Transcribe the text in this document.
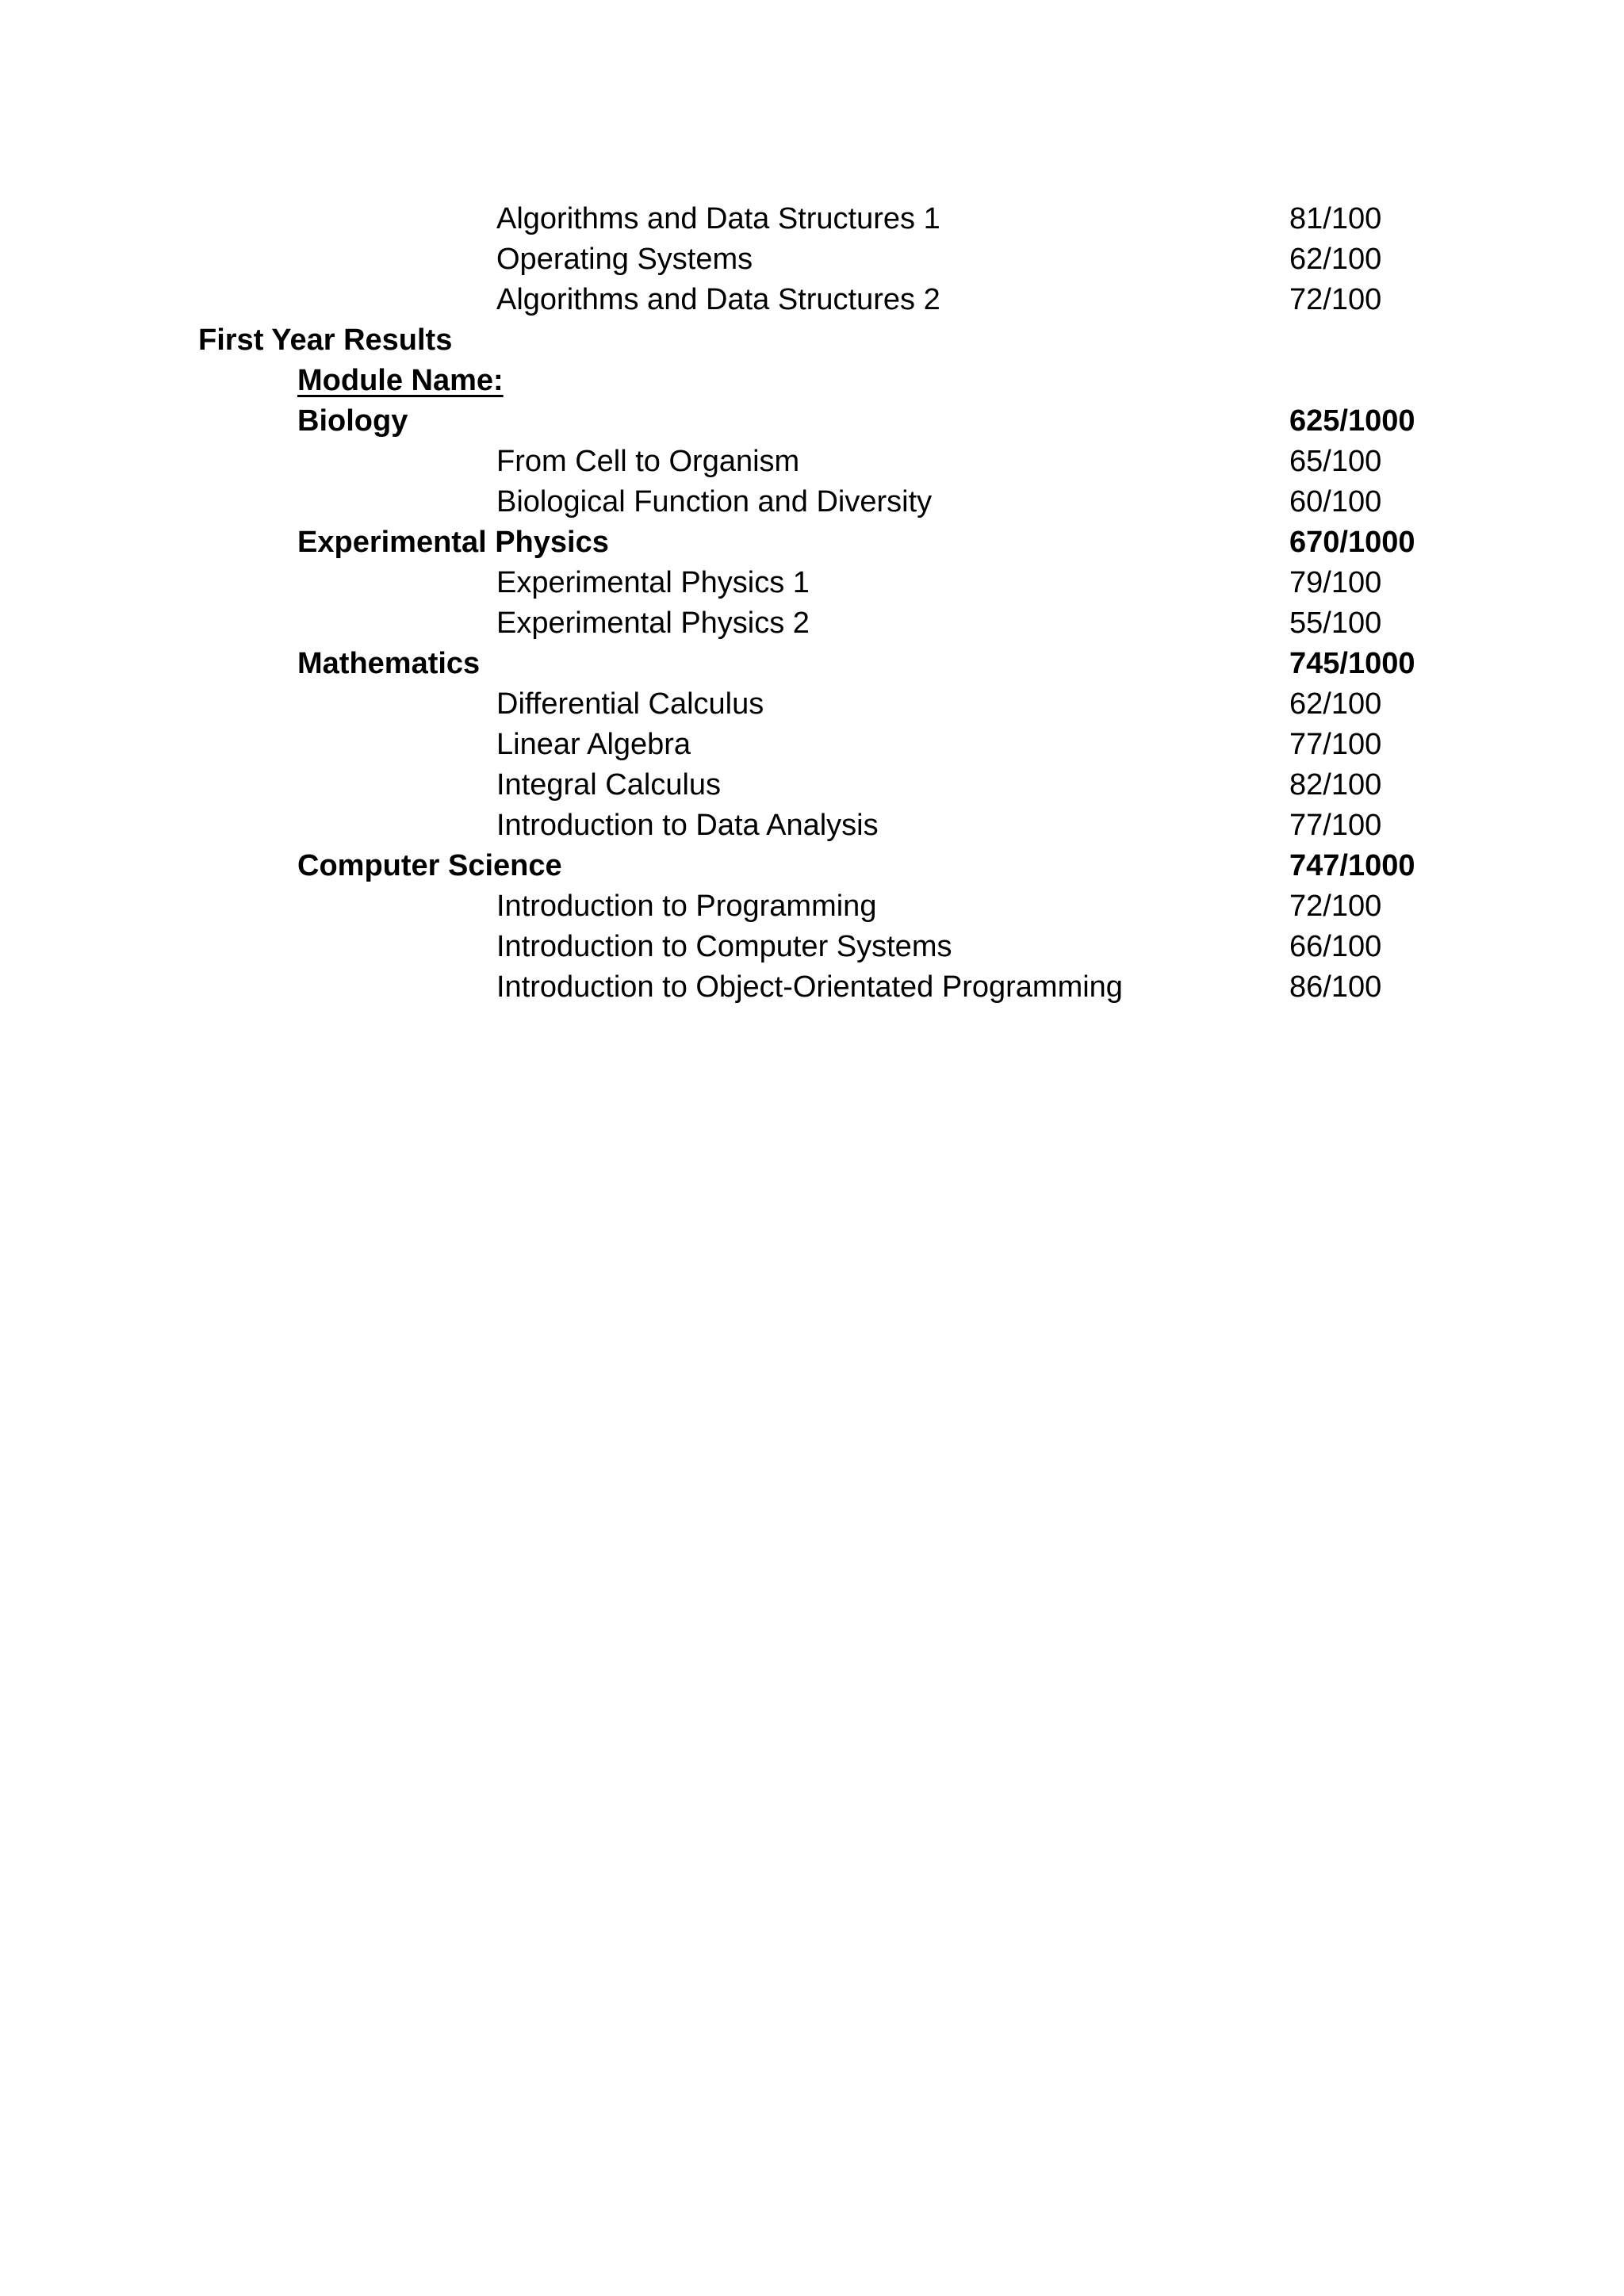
Algorithms and Data Structures 1	81/100
Operating Systems	62/100
Algorithms and Data Structures 2	72/100
First Year Results
Module Name:
Biology	625/1000
From Cell to Organism	65/100
Biological Function and Diversity	60/100
Experimental Physics	670/1000
Experimental Physics 1	79/100
Experimental Physics 2	55/100
Mathematics	745/1000
Differential Calculus	62/100
Linear Algebra	77/100
Integral Calculus	82/100
Introduction to Data Analysis	77/100
Computer Science	747/1000
Introduction to Programming	72/100
Introduction to Computer Systems	66/100
Introduction to Object-Orientated Programming	86/100
